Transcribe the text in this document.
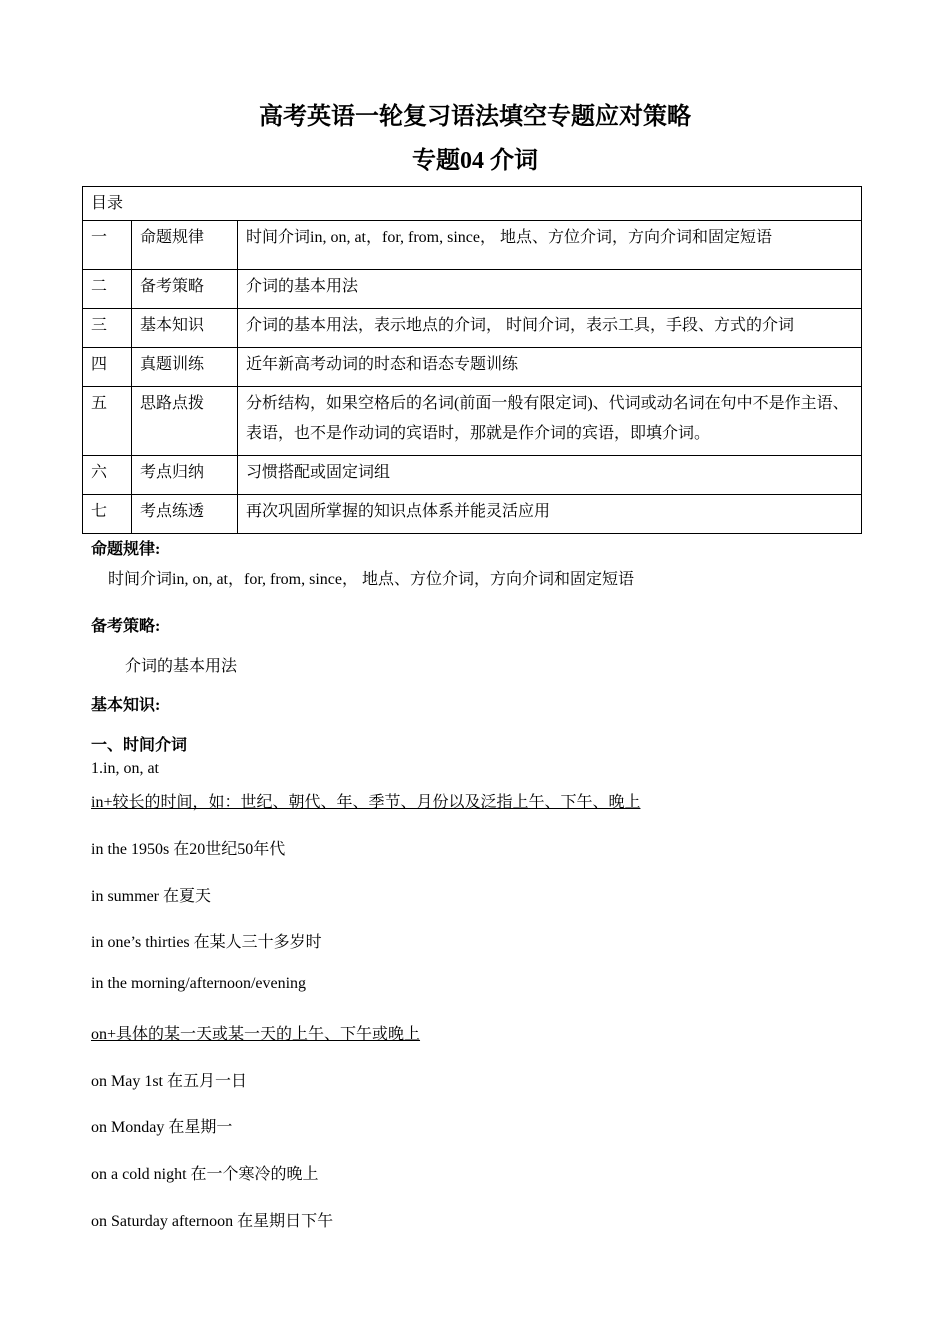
高考英语一轮复习语法填空专题应对策略
专题04 介词
目录		
一	命题规律	时间介词in, on, at，for, from, since， 地点、方位介词，方向介词和固定短语
二	备考策略	介词的基本用法
三	基本知识	介词的基本用法，表示地点的介词， 时间介词，表示工具，手段、方式的介词
四	真题训练	近年新高考动词的时态和语态专题训练
五	思路点拨	分析结构，如果空格后的名词(前面一般有限定词)、代词或动名词在句中不是作主语、表语，也不是作动词的宾语时，那就是作介词的宾语，即填介词。
六	考点归纳	习惯搭配或固定词组
七	考点练透	再次巩固所掌握的知识点体系并能灵活应用
命题规律:
时间介词in, on, at，for, from, since， 地点、方位介词，方向介词和固定短语
备考策略:
介词的基本用法
基本知识:
一、时间介词
1.in, on, at
in+较长的时间，如：世纪、朝代、年、季节、月份以及泛指上午、下午、晚上
in the 1950s 在20世纪50年代
in summer 在夏天
in one’s thirties 在某人三十多岁时
in the morning/afternoon/evening
on+具体的某一天或某一天的上午、下午或晚上
on May 1st 在五月一日
on Monday 在星期一
on a cold night 在一个寒冷的晚上
on Saturday afternoon 在星期日下午
